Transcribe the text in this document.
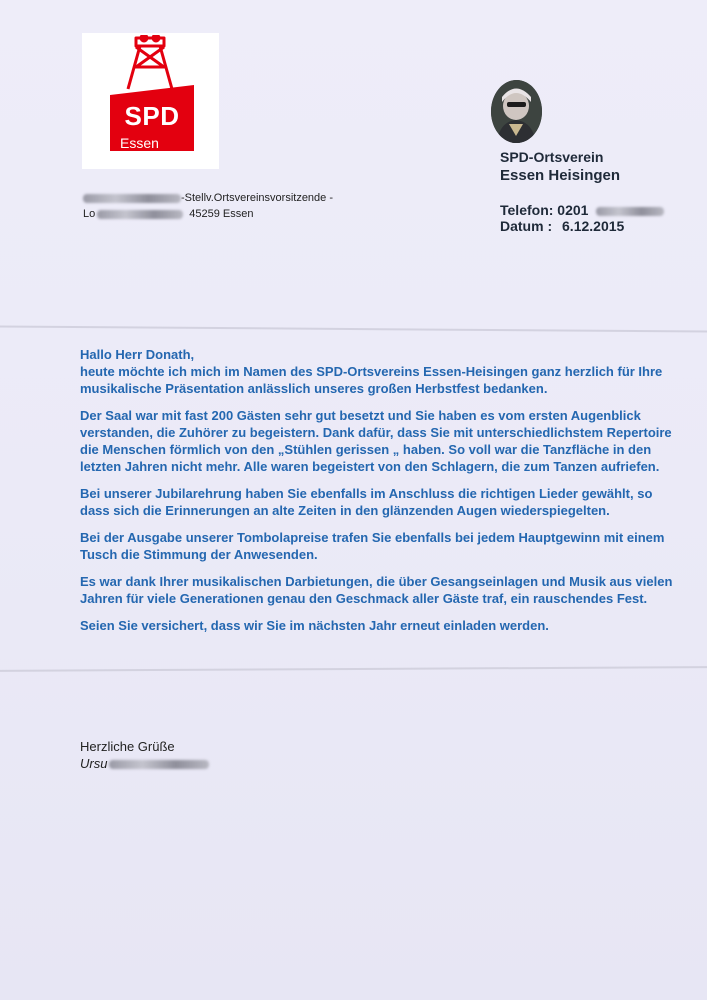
SPD
Essen
SPD-Ortsverein
Essen Heisingen
Telefon: 0201
Datum : 6.12.2015
-Stellv.Ortsvereinsvorsitzende -
Lo	45259 Essen

Hallo Herr Donath,

heute möchte ich mich im Namen des SPD-Ortsvereins Essen-Heisingen ganz herzlich für Ihre musikalische Präsentation anlässlich unseres großen Herbstfest bedanken.

Der Saal war mit fast 200 Gästen sehr gut besetzt und Sie haben es vom ersten Augenblick verstanden, die Zuhörer zu begeistern. Dank dafür, dass Sie mit unterschiedlichstem Repertoire die Menschen förmlich von den „Stühlen gerissen „ haben. So voll war die Tanzfläche in den letzten Jahren nicht mehr. Alle waren begeistert von den Schlagern, die zum Tanzen aufriefen.

Bei unserer Jubilarehrung haben Sie ebenfalls im Anschluss die richtigen Lieder gewählt, so dass sich die Erinnerungen an alte Zeiten in den glänzenden Augen wiederspiegelten.

Bei der Ausgabe unserer Tombolapreise trafen Sie ebenfalls bei jedem Hauptgewinn mit einem Tusch die Stimmung der Anwesenden.

Es war dank Ihrer musikalischen Darbietungen, die über Gesangseinlagen und Musik aus vielen Jahren für viele Generationen genau den Geschmack aller Gäste traf, ein rauschendes Fest.

Seien Sie versichert, dass wir Sie im nächsten Jahr erneut einladen werden.

Herzliche Grüße
Ursu
